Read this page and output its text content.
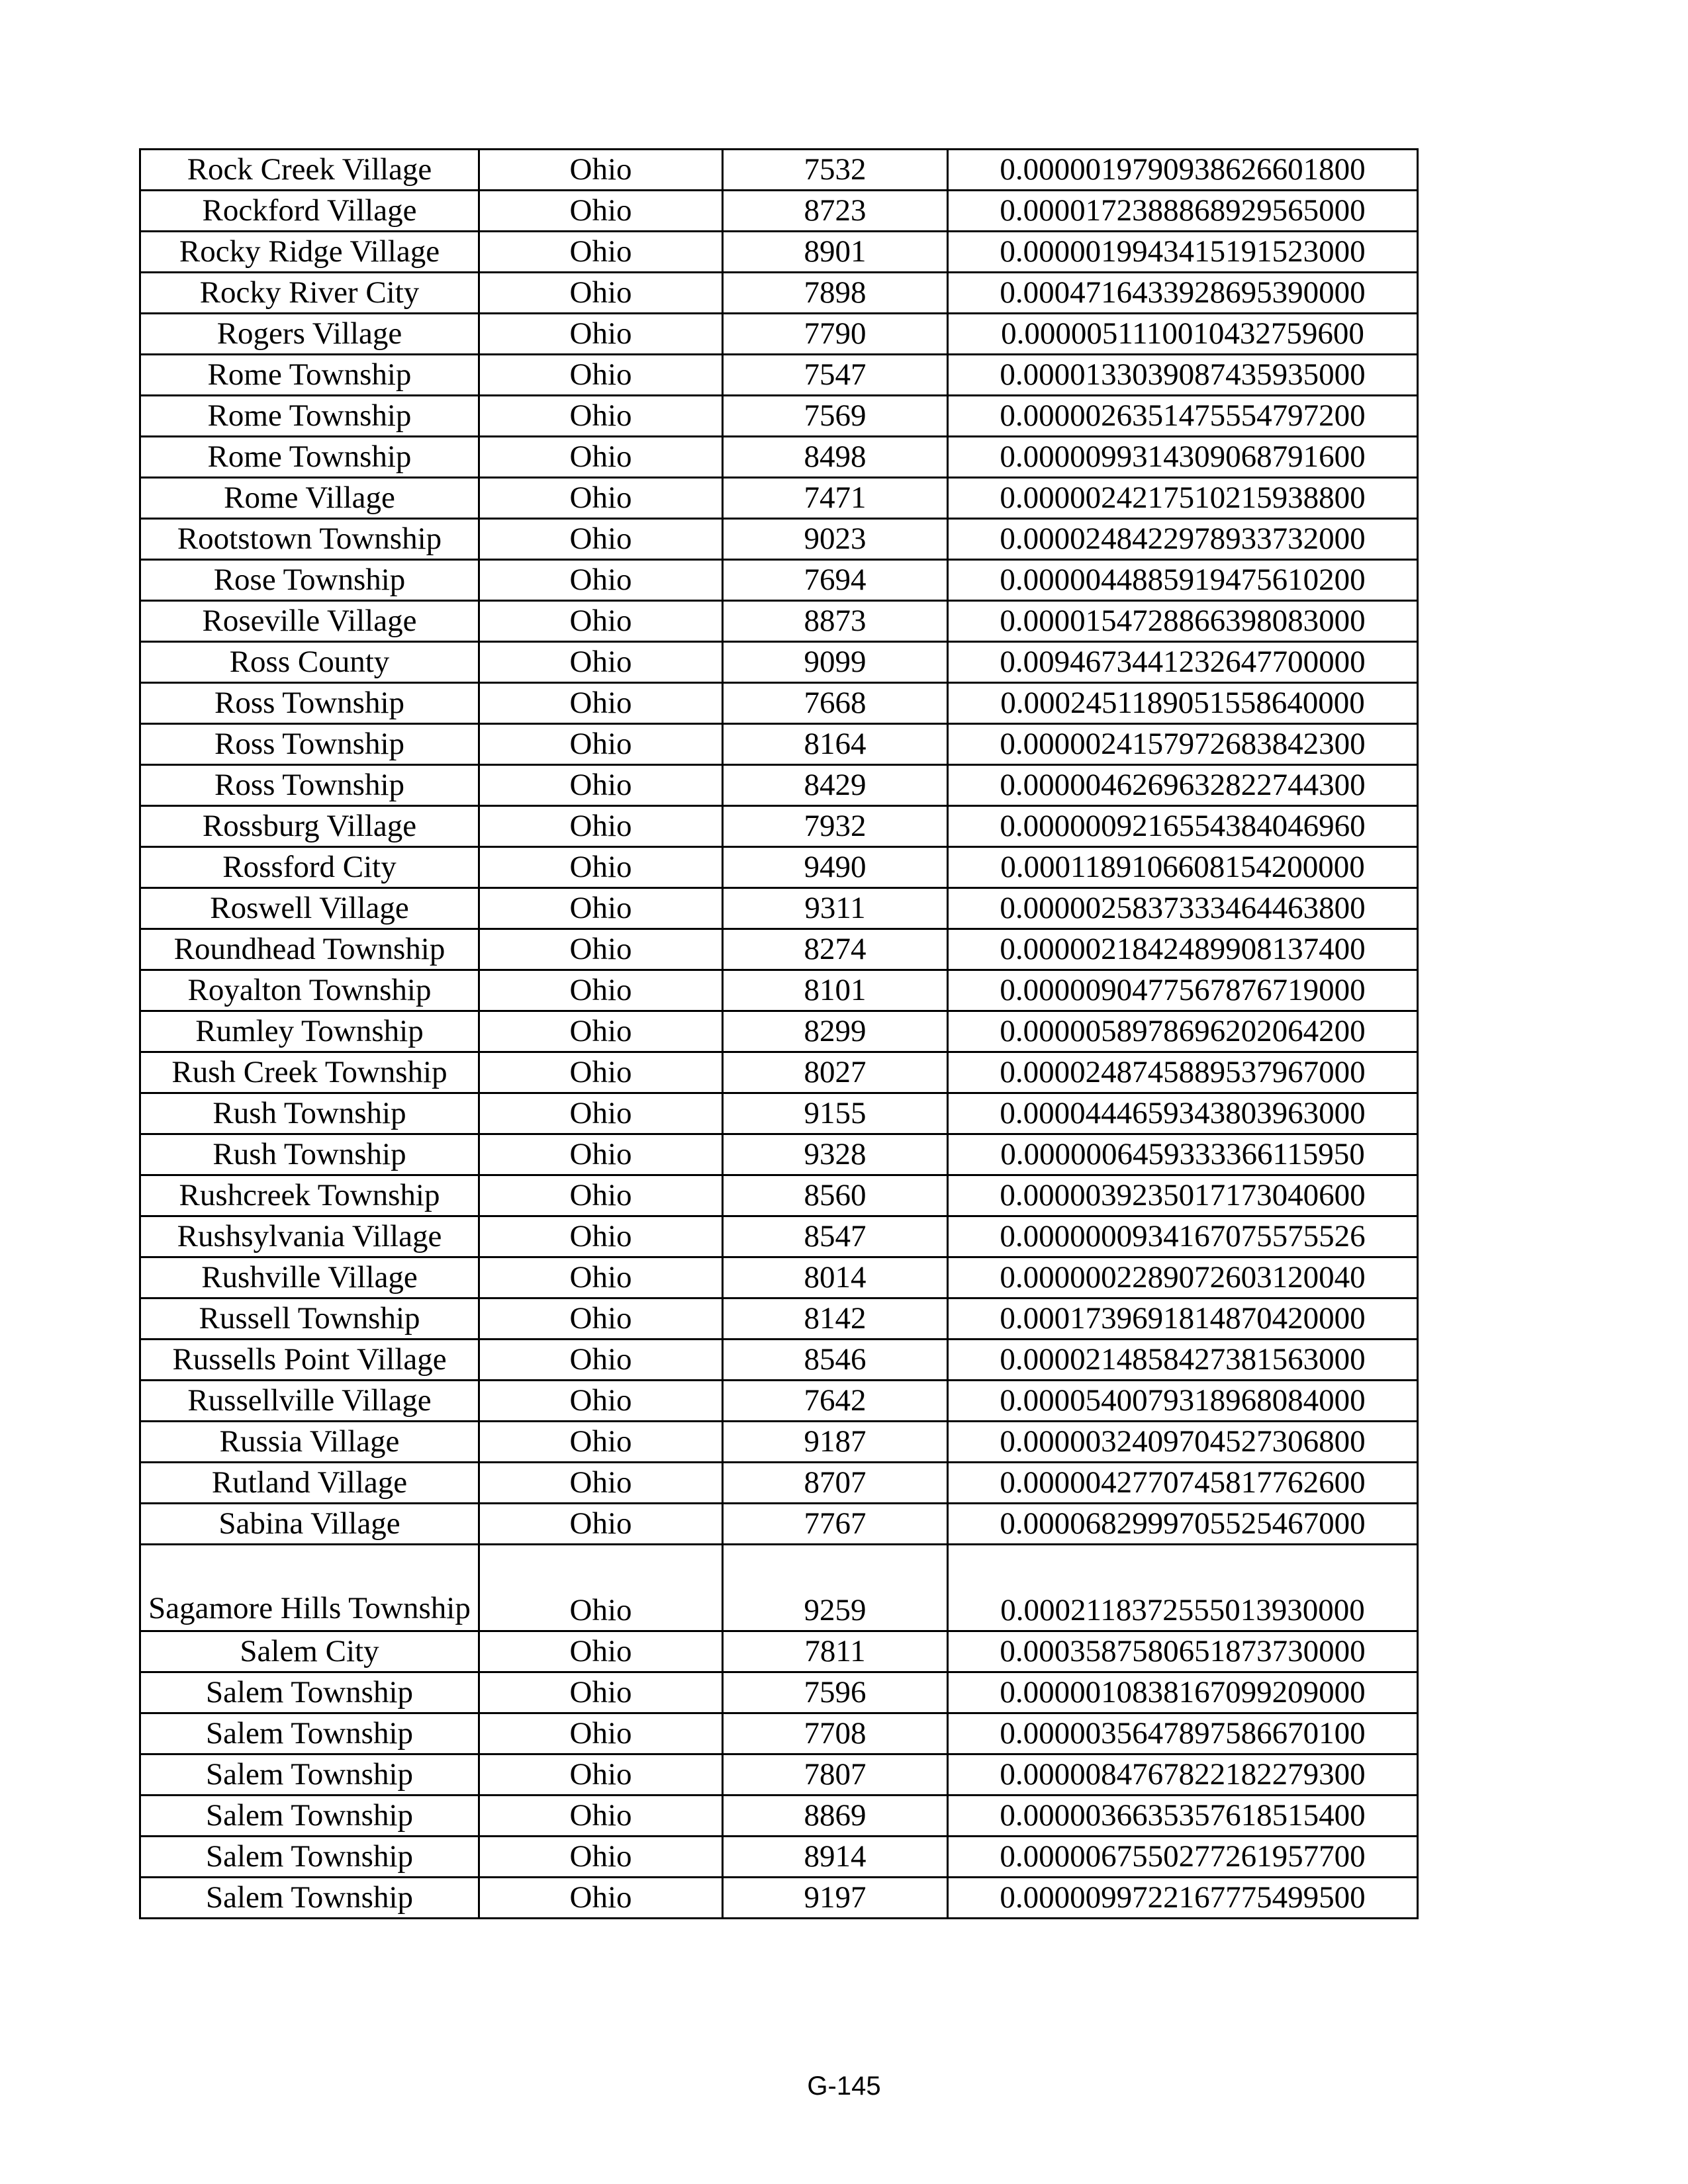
Rock Creek Village	Ohio	7532	0.0000019790938626601800
Rockford Village	Ohio	8723	0.0000172388868929565000
Rocky Ridge Village	Ohio	8901	0.0000019943415191523000
Rocky River City	Ohio	7898	0.0004716433928695390000
Rogers Village	Ohio	7790	0.0000051110010432759600
Rome Township	Ohio	7547	0.0000133039087435935000
Rome Township	Ohio	7569	0.0000026351475554797200
Rome Township	Ohio	8498	0.0000099314309068791600
Rome Village	Ohio	7471	0.0000024217510215938800
Rootstown Township	Ohio	9023	0.0000248422978933732000
Rose Township	Ohio	7694	0.0000044885919475610200
Roseville Village	Ohio	8873	0.0000154728866398083000
Ross County	Ohio	9099	0.0094673441232647700000
Ross Township	Ohio	7668	0.0002451189051558640000
Ross Township	Ohio	8164	0.0000024157972683842300
Ross Township	Ohio	8429	0.0000046269632822744300
Rossburg Village	Ohio	7932	0.0000009216554384046960
Rossford City	Ohio	9490	0.0001189106608154200000
Roswell Village	Ohio	9311	0.0000025837333464463800
Roundhead Township	Ohio	8274	0.0000021842489908137400
Royalton Township	Ohio	8101	0.0000090477567876719000
Rumley Township	Ohio	8299	0.0000058978696202064200
Rush Creek Township	Ohio	8027	0.0000248745889537967000
Rush Township	Ohio	9155	0.0000444659343803963000
Rush Township	Ohio	9328	0.0000006459333366115950
Rushcreek Township	Ohio	8560	0.0000039235017173040600
Rushsylvania Village	Ohio	8547	0.0000000934167075575526
Rushville Village	Ohio	8014	0.0000002289072603120040
Russell Township	Ohio	8142	0.0001739691814870420000
Russells Point Village	Ohio	8546	0.0000214858427381563000
Russellville Village	Ohio	7642	0.0000540079318968084000
Russia Village	Ohio	9187	0.0000032409704527306800
Rutland Village	Ohio	8707	0.0000042770745817762600
Sabina Village	Ohio	7767	0.0000682999705525467000
Sagamore Hills Township	Ohio	9259	0.0002118372555013930000
Salem City	Ohio	7811	0.0003587580651873730000
Salem Township	Ohio	7596	0.0000010838167099209000
Salem Township	Ohio	7708	0.0000035647897586670100
Salem Township	Ohio	7807	0.0000084767822182279300
Salem Township	Ohio	8869	0.0000036635357618515400
Salem Township	Ohio	8914	0.0000067550277261957700
Salem Township	Ohio	9197	0.0000099722167775499500
G-145
